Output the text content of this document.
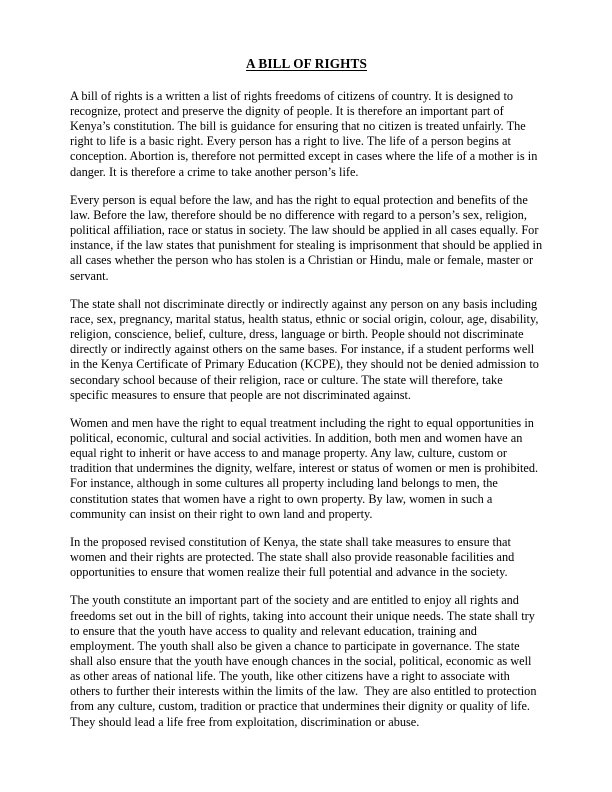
A BILL OF RIGHTS

A bill of rights is a written a list of rights freedoms of citizens of country. It is designed to recognize, protect and preserve the dignity of people. It is therefore an important part of Kenya’s constitution. The bill is guidance for ensuring that no citizen is treated unfairly. The right to life is a basic right. Every person has a right to live. The life of a person begins at conception. Abortion is, therefore not permitted except in cases where the life of a mother is in danger. It is therefore a crime to take another person’s life.

Every person is equal before the law, and has the right to equal protection and benefits of the law. Before the law, therefore should be no difference with regard to a person’s sex, religion, political affiliation, race or status in society. The law should be applied in all cases equally. For instance, if the law states that punishment for stealing is imprisonment that should be applied in all cases whether the person who has stolen is a Christian or Hindu, male or female, master or servant.

The state shall not discriminate directly or indirectly against any person on any basis including race, sex, pregnancy, marital status, health status, ethnic or social origin, colour, age, disability, religion, conscience, belief, culture, dress, language or birth. People should not discriminate directly or indirectly against others on the same bases. For instance, if a student performs well in the Kenya Certificate of Primary Education (KCPE), they should not be denied admission to secondary school because of their religion, race or culture. The state will therefore, take specific measures to ensure that people are not discriminated against.

Women and men have the right to equal treatment including the right to equal opportunities in political, economic, cultural and social activities. In addition, both men and women have an equal right to inherit or have access to and manage property. Any law, culture, custom or tradition that undermines the dignity, welfare, interest or status of women or men is prohibited. For instance, although in some cultures all property including land belongs to men, the constitution states that women have a right to own property. By law, women in such a community can insist on their right to own land and property.

In the proposed revised constitution of Kenya, the state shall take measures to ensure that women and their rights are protected. The state shall also provide reasonable facilities and opportunities to ensure that women realize their full potential and advance in the society.

The youth constitute an important part of the society and are entitled to enjoy all rights and freedoms set out in the bill of rights, taking into account their unique needs. The state shall try to ensure that the youth have access to quality and relevant education, training and employment. The youth shall also be given a chance to participate in governance. The state shall also ensure that the youth have enough chances in the social, political, economic as well as other areas of national life. The youth, like other citizens have a right to associate with others to further their interests within the limits of the law.  They are also entitled to protection from any culture, custom, tradition or practice that undermines their dignity or quality of life. They should lead a life free from exploitation, discrimination or abuse.
